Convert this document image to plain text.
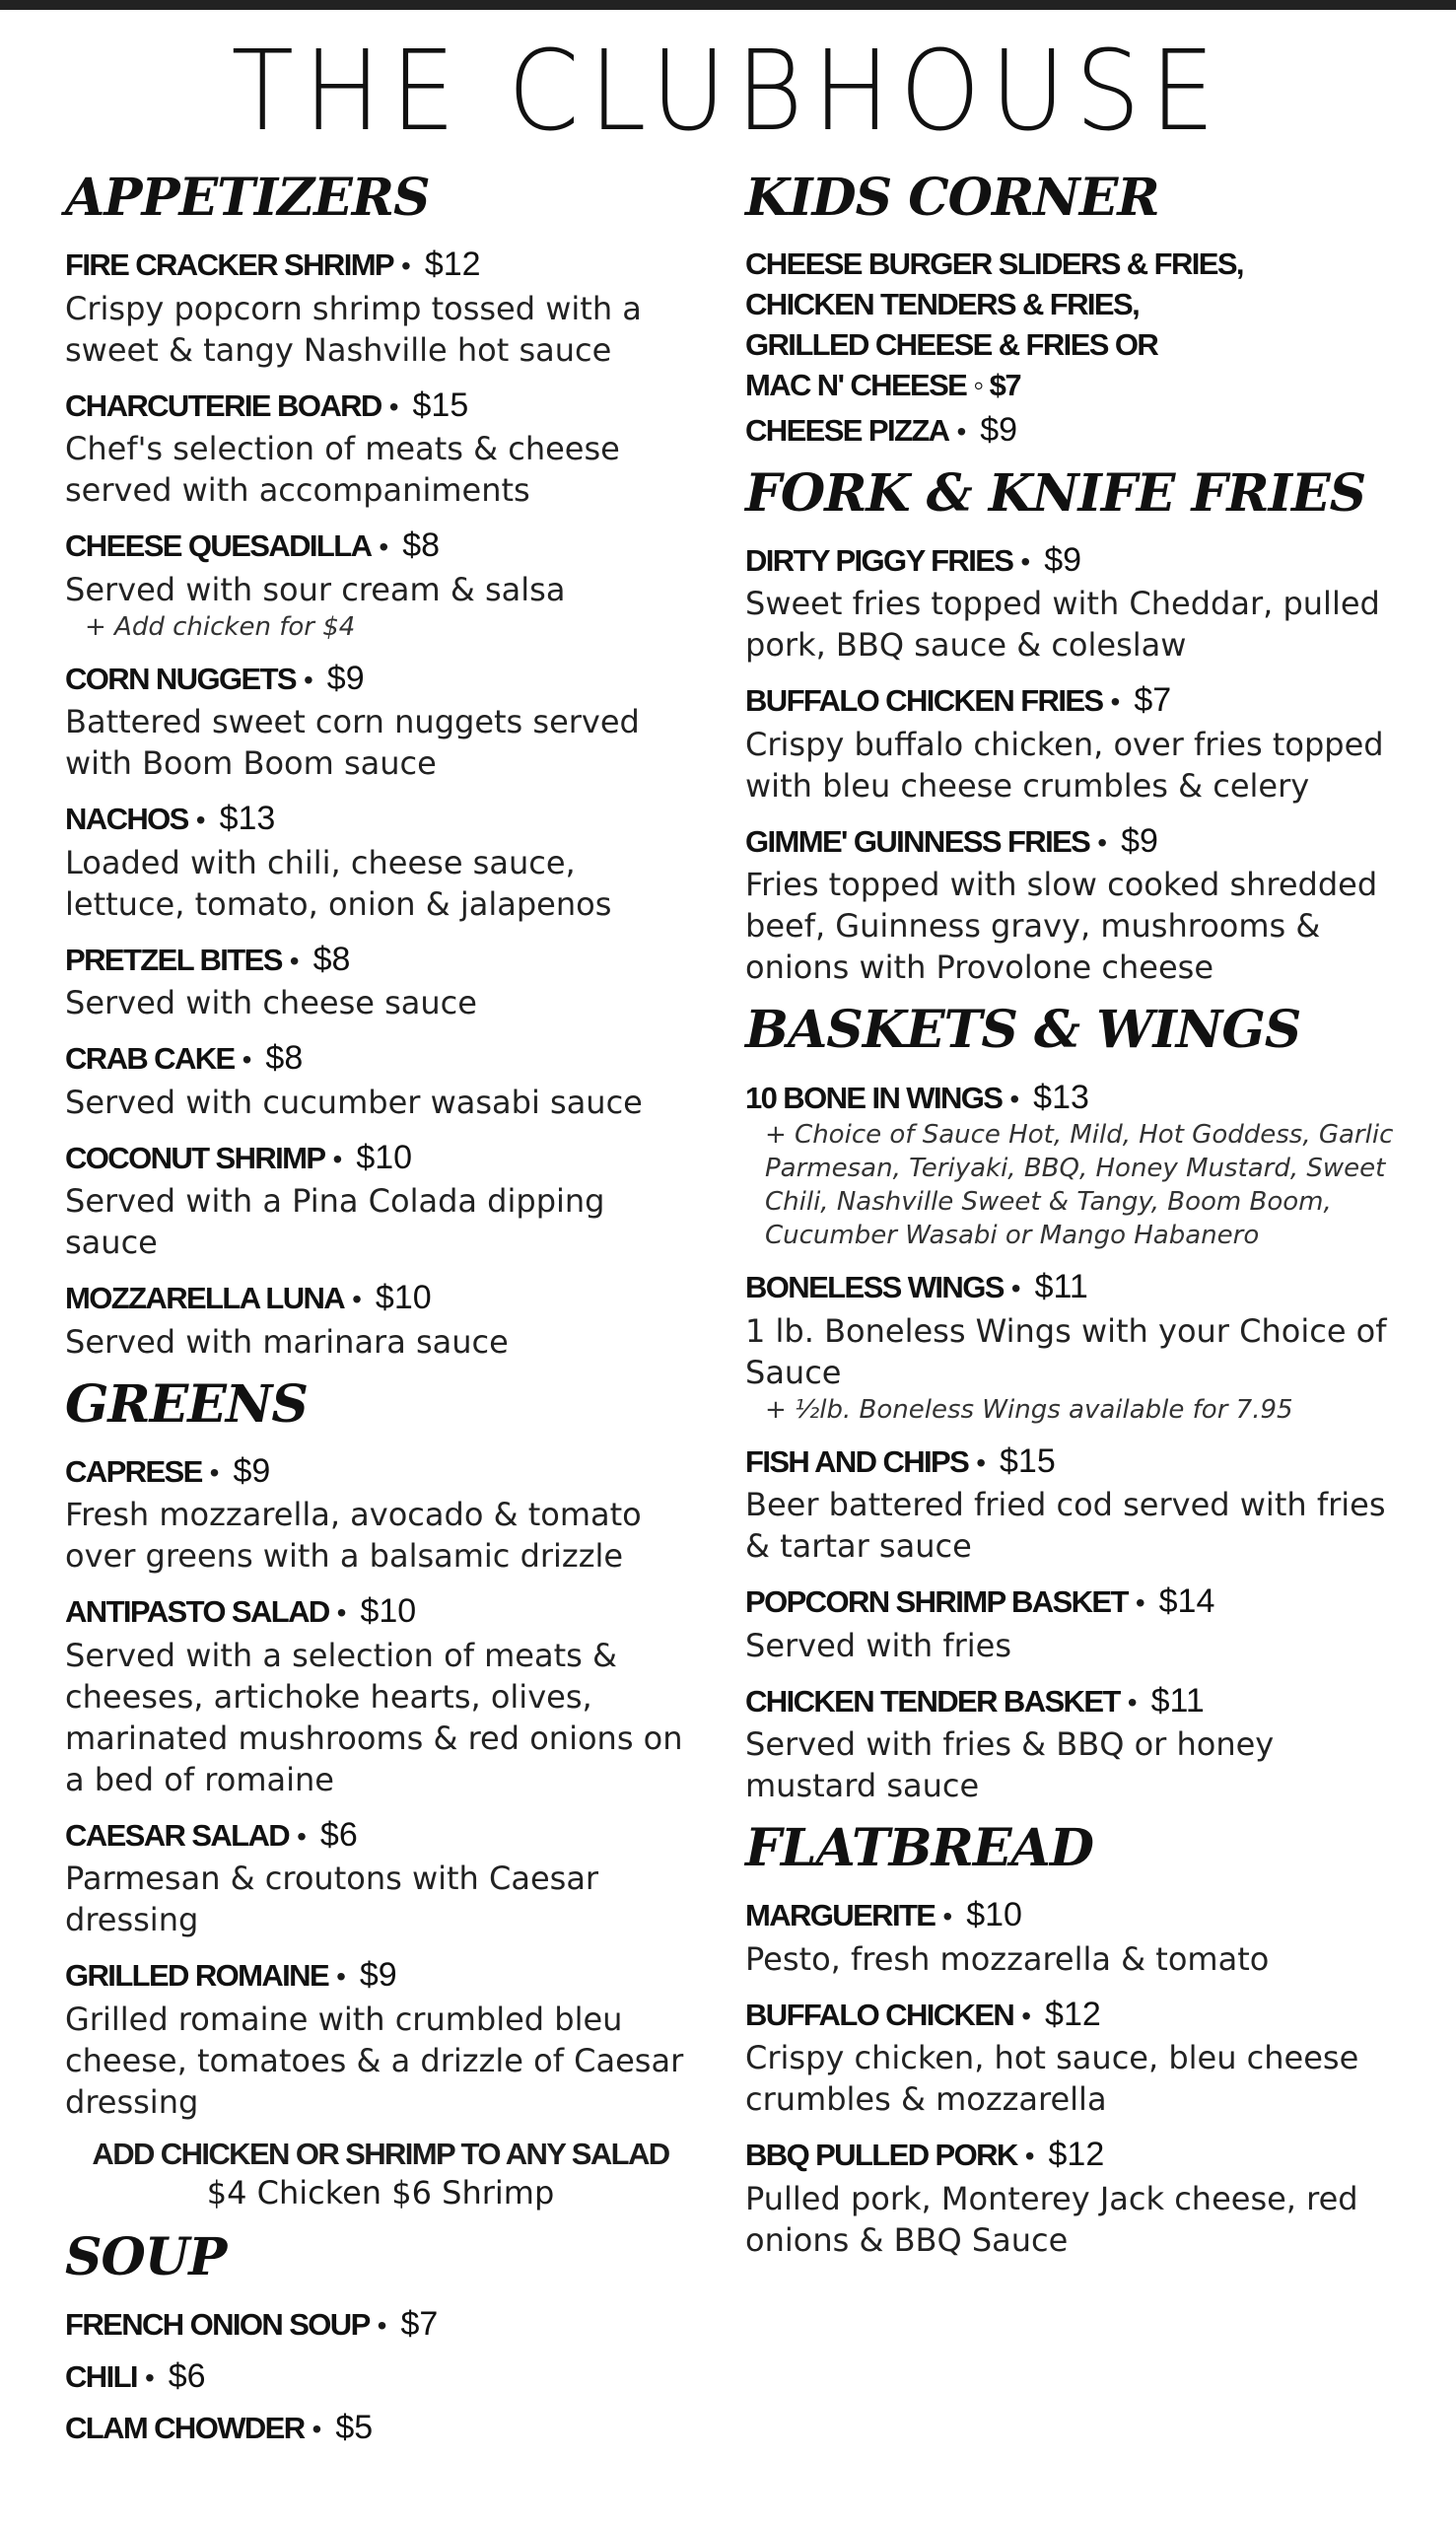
THE CLUBHOUSE
APPETIZERS
FIRE CRACKER SHRIMP • $12
Crispy popcorn shrimp tossed with a sweet & tangy Nashville hot sauce
CHARCUTERIE BOARD • $15
Chef's selection of meats & cheese served with accompaniments
CHEESE QUESADILLA • $8
Served with sour cream & salsa
+ Add chicken for $4
CORN NUGGETS • $9
Battered sweet corn nuggets served with Boom Boom sauce
NACHOS • $13
Loaded with chili, cheese sauce, lettuce, tomato, onion & jalapenos
PRETZEL BITES • $8
Served with cheese sauce
CRAB CAKE • $8
Served with cucumber wasabi sauce
COCONUT SHRIMP • $10
Served with a Pina Colada dipping sauce
MOZZARELLA LUNA • $10
Served with marinara sauce
GREENS
CAPRESE • $9
Fresh mozzarella, avocado & tomato over greens with a balsamic drizzle
ANTIPASTO SALAD • $10
Served with a selection of meats & cheeses, artichoke hearts, olives, marinated mushrooms & red onions on a bed of romaine
CAESAR SALAD • $6
Parmesan & croutons with Caesar dressing
GRILLED ROMAINE • $9
Grilled romaine with crumbled bleu cheese, tomatoes & a drizzle of Caesar dressing
ADD CHICKEN OR SHRIMP TO ANY SALAD
$4 Chicken $6 Shrimp
SOUP
FRENCH ONION SOUP • $7
CHILI • $6
CLAM CHOWDER • $5
KIDS CORNER
CHEESE BURGER SLIDERS & FRIES,
CHICKEN TENDERS & FRIES,
GRILLED CHEESE & FRIES OR
MAC N' CHEESE ◦ $7
CHEESE PIZZA • $9
FORK & KNIFE FRIES
DIRTY PIGGY FRIES • $9
Sweet fries topped with Cheddar, pulled pork, BBQ sauce & coleslaw
BUFFALO CHICKEN FRIES • $7
Crispy buffalo chicken, over fries topped with bleu cheese crumbles & celery
GIMME' GUINNESS FRIES • $9
Fries topped with slow cooked shredded beef, Guinness gravy, mushrooms & onions with Provolone cheese
BASKETS & WINGS
10 BONE IN WINGS • $13
+ Choice of Sauce Hot, Mild, Hot Goddess, Garlic Parmesan, Teriyaki, BBQ, Honey Mustard, Sweet Chili, Nashville Sweet & Tangy, Boom Boom, Cucumber Wasabi or Mango Habanero
BONELESS WINGS • $11
1 lb. Boneless Wings with your Choice of Sauce
+ ½lb. Boneless Wings available for 7.95
FISH AND CHIPS • $15
Beer battered fried cod served with fries & tartar sauce
POPCORN SHRIMP BASKET • $14
Served with fries
CHICKEN TENDER BASKET • $11
Served with fries & BBQ or honey mustard sauce
FLATBREAD
MARGUERITE • $10
Pesto, fresh mozzarella & tomato
BUFFALO CHICKEN • $12
Crispy chicken, hot sauce, bleu cheese crumbles & mozzarella
BBQ PULLED PORK • $12
Pulled pork, Monterey Jack cheese, red onions & BBQ Sauce
